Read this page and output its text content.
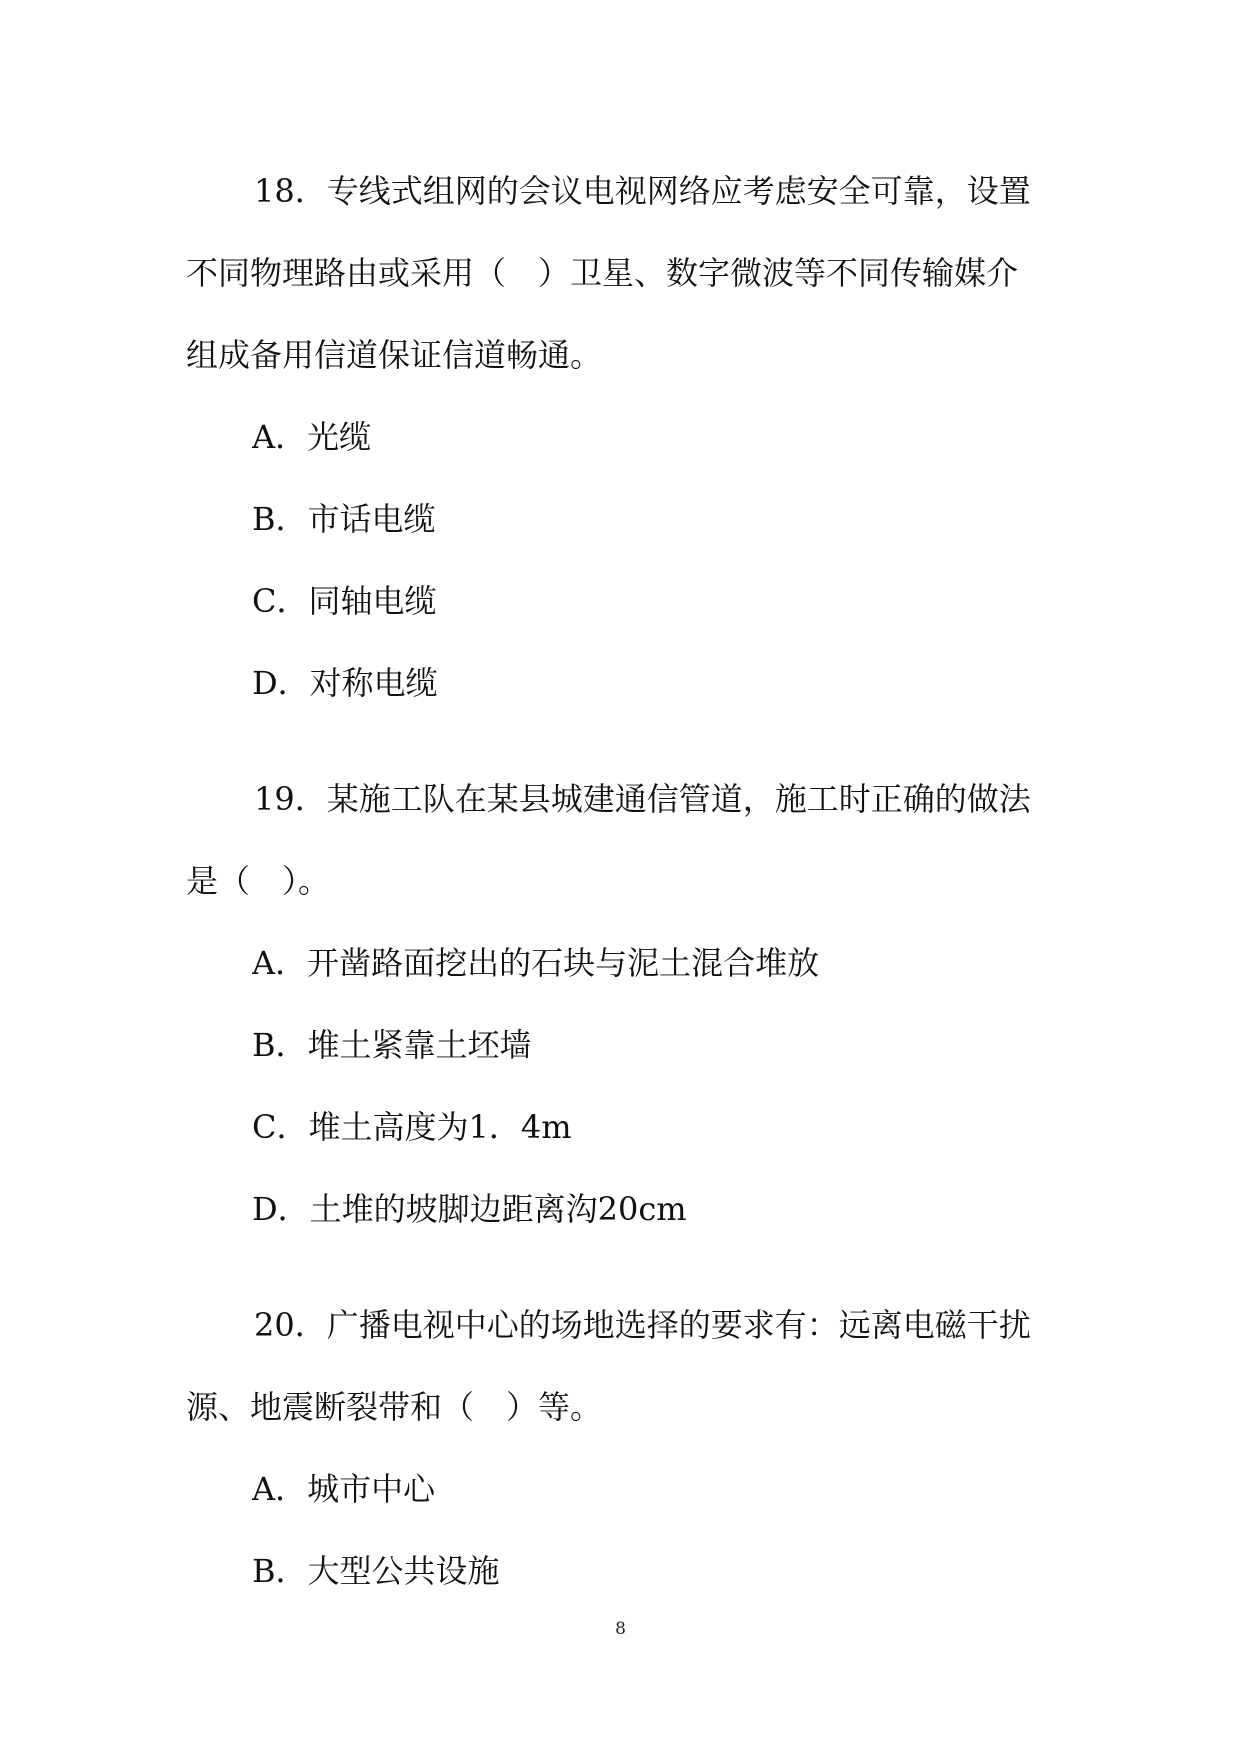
18．专线式组网的会议电视网络应考虑安全可靠，设置
不同物理路由或采用（　）卫星、数字微波等不同传输媒介
组成备用信道保证信道畅通。
A．光缆
B．市话电缆
C．同轴电缆
D．对称电缆
19．某施工队在某县城建通信管道，施工时正确的做法
是（　）。
A．开凿路面挖出的石块与泥土混合堆放
B．堆土紧靠土坯墙
C．堆土高度为1．4m
D．土堆的坡脚边距离沟20cm
20．广播电视中心的场地选择的要求有：远离电磁干扰
源、地震断裂带和（　）等。
A．城市中心
B．大型公共设施
8
